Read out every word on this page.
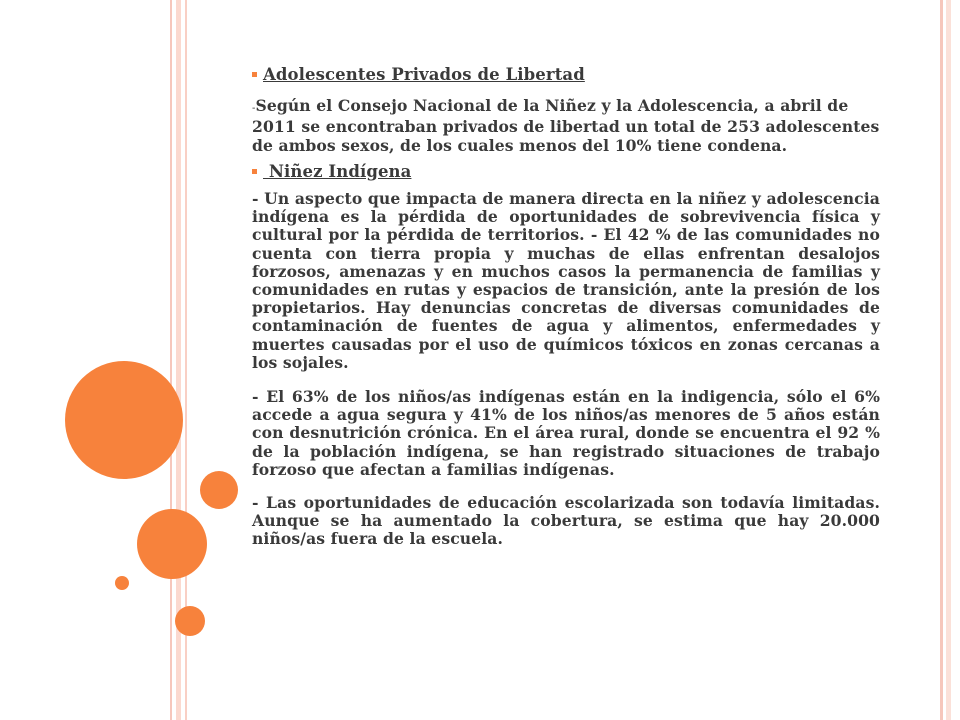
Adolescentes Privados de Libertad
-Según el Consejo Nacional de la Niñez y la Adolescencia, a abril de 2011 se encontraban privados de libertad un total de 253 adolescentes de ambos sexos, de los cuales menos del 10% tiene condena.
Niñez Indígena
- Un aspecto que impacta de manera directa en la niñez y adolescencia indígena es la pérdida de oportunidades de sobrevivencia física y cultural por la pérdida de territorios. - El 42 % de las comunidades no cuenta con tierra propia y muchas de ellas enfrentan desalojos forzosos, amenazas y en muchos casos la permanencia de familias y comunidades en rutas y espacios de transición, ante la presión de los propietarios. Hay denuncias concretas de diversas comunidades de contaminación de fuentes de agua y alimentos, enfermedades y muertes causadas por el uso de químicos tóxicos en zonas cercanas a los sojales.
- El 63% de los niños/as indígenas están en la indigencia, sólo el 6% accede a agua segura y 41% de los niños/as menores de 5 años están con desnutrición crónica. En el área rural, donde se encuentra el 92 % de la población indígena, se han registrado situaciones de trabajo forzoso que afectan a familias indígenas.
- Las oportunidades de educación escolarizada son todavía limitadas. Aunque se ha aumentado la cobertura, se estima que hay 20.000 niños/as fuera de la escuela.
